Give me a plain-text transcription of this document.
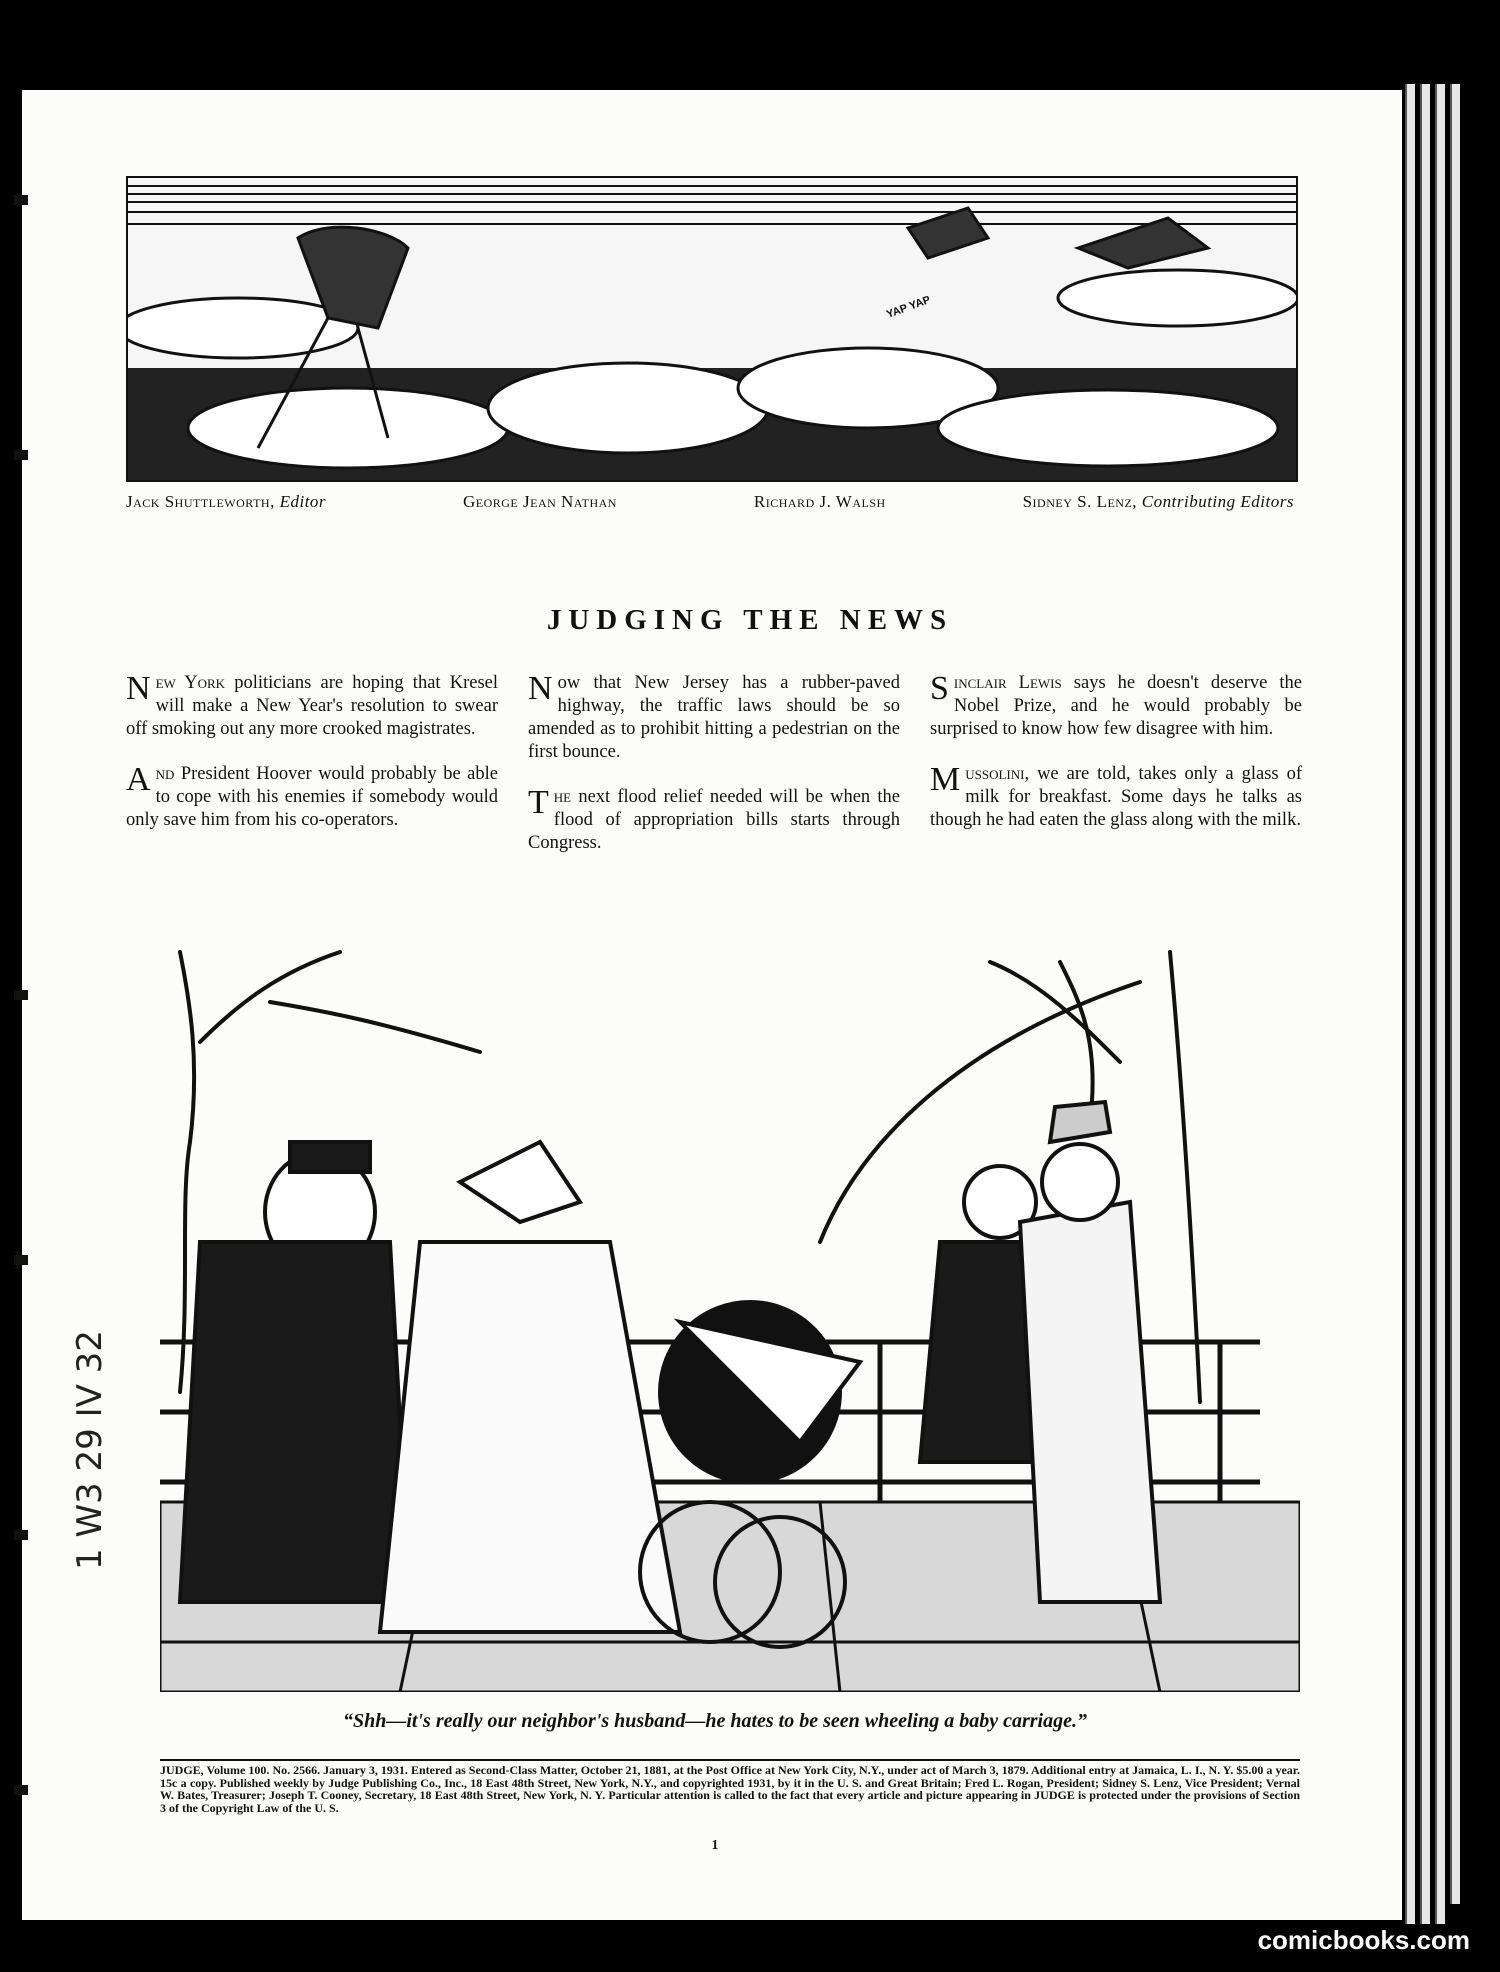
YAP YAP
Jack Shuttleworth, Editor	George Jean Nathan	Richard J. Walsh	Sidney S. Lenz, Contributing Editors
JUDGING THE NEWS

New York politicians are hoping that Kresel will make a New Year's resolution to swear off smoking out any more crooked magistrates.

And President Hoover would probably be able to cope with his enemies if somebody would only save him from his co-operators.

Now that New Jersey has a rubber-paved highway, the traffic laws should be so amended as to prohibit hitting a pedestrian on the first bounce.

The next flood relief needed will be when the flood of appropriation bills starts through Congress.

Sinclair Lewis says he doesn't deserve the Nobel Prize, and he would probably be surprised to know how few disagree with him.

Mussolini, we are told, takes only a glass of milk for breakfast. Some days he talks as though he had eaten the glass along with the milk.

“Shh—it's really our neighbor's husband—he hates to be seen wheeling a baby carriage.”
JUDGE, Volume 100. No. 2566. January 3, 1931. Entered as Second-Class Matter, October 21, 1881, at the Post Office at New York City, N.Y., under act of March 3, 1879. Additional entry at Jamaica, L. I., N. Y. $5.00 a year. 15c a copy. Published weekly by Judge Publishing Co., Inc., 18 East 48th Street, New York, N.Y., and copyrighted 1931, by it in the U. S. and Great Britain; Fred L. Rogan, President; Sidney S. Lenz, Vice President; Vernal W. Bates, Treasurer; Joseph T. Cooney, Secretary, 18 East 48th Street, New York, N. Y. Particular attention is called to the fact that every article and picture appearing in JUDGE is protected under the provisions of Section 3 of the Copyright Law of the U. S.
1
1 W3 29 IV 32
comicbooks.com
